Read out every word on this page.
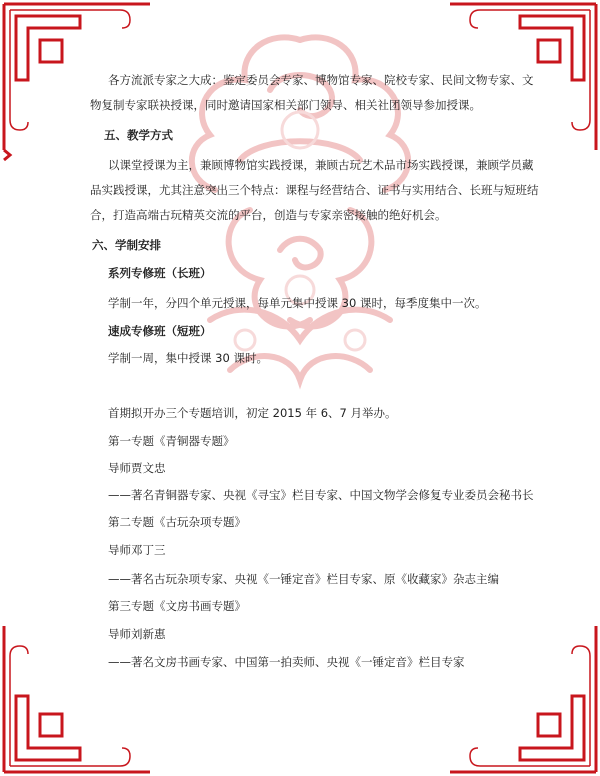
各方流派专家之大成：鉴定委员会专家、博物馆专家、院校专家、民间文物专家、文
物复制专家联袂授课，同时邀请国家相关部门领导、相关社团领导参加授课。
五、教学方式
以课堂授课为主，兼顾博物馆实践授课，兼顾古玩艺术品市场实践授课，兼顾学员藏
品实践授课，尤其注意突出三个特点：课程与经营结合、证书与实用结合、长班与短班结
合，打造高端古玩精英交流的平台，创造与专家亲密接触的绝好机会。
六、学制安排
系列专修班（长班）
学制一年，分四个单元授课，每单元集中授课 30 课时，每季度集中一次。
速成专修班（短班）
学制一周，集中授课 30 课时。
首期拟开办三个专题培训，初定 2015 年 6、7 月举办。
第一专题《青铜器专题》
导师贾文忠
——著名青铜器专家、央视《寻宝》栏目专家、中国文物学会修复专业委员会秘书长
第二专题《古玩杂项专题》
导师邓丁三
——著名古玩杂项专家、央视《一锤定音》栏目专家、原《收藏家》杂志主编
第三专题《文房书画专题》
导师刘新惠
——著名文房书画专家、中国第一拍卖师、央视《一锤定音》栏目专家
